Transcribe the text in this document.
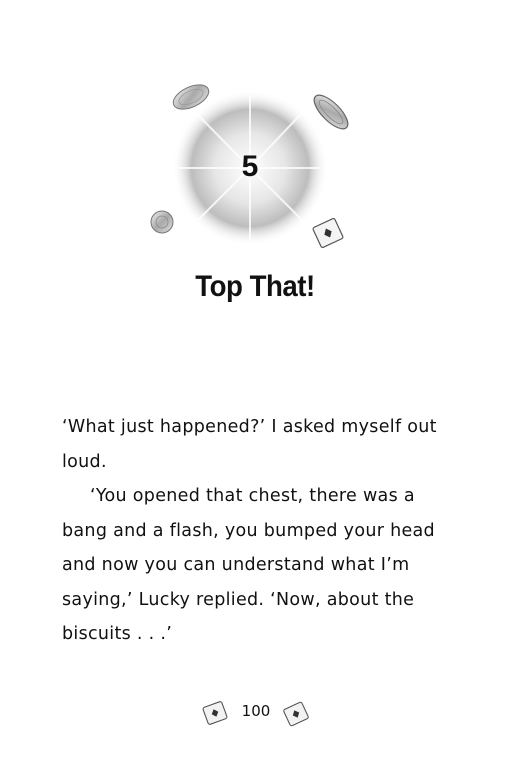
5
Top That!
‘What just happened?’ I asked myself out
loud.
‘You opened that chest, there was a
bang and a flash, you bumped your head
and now you can understand what I’m
saying,’ Lucky replied. ‘Now, about the
biscuits . . .’
100
